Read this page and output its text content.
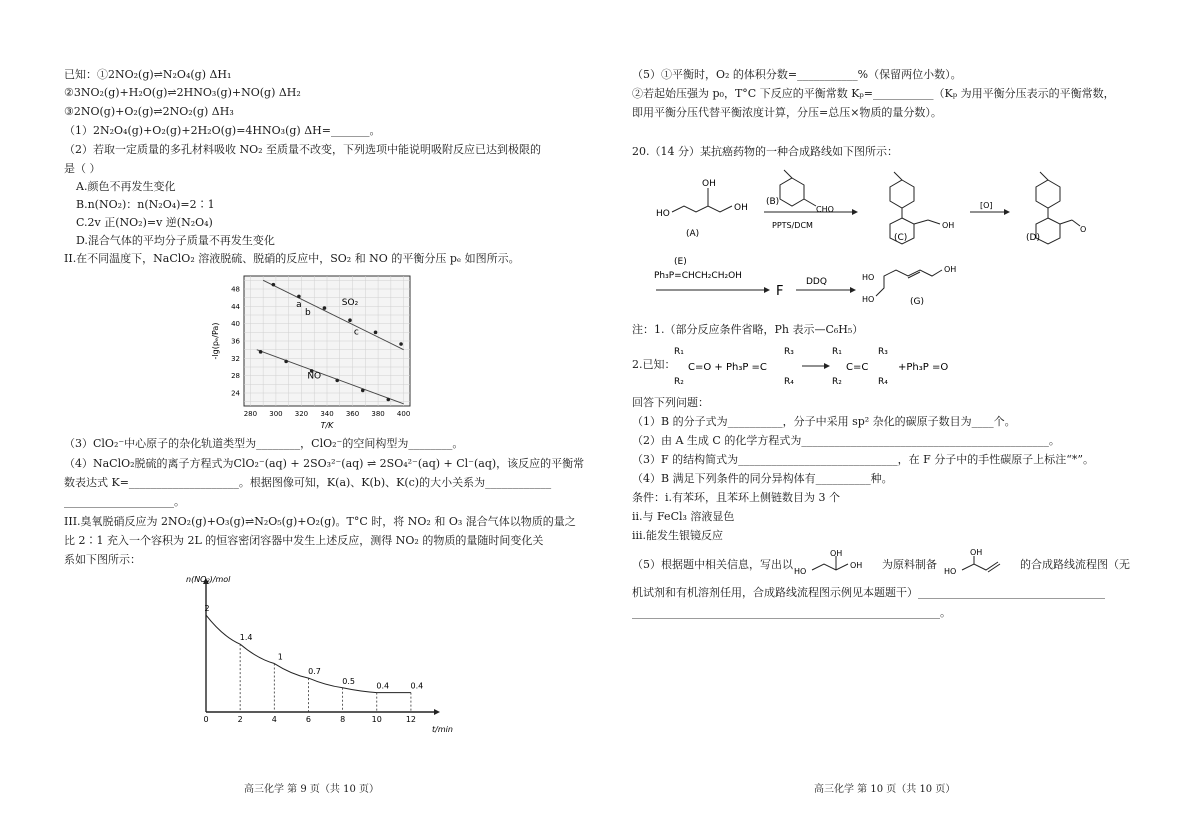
已知：①2NO₂(g)⇌N₂O₄(g) ΔH₁
②3NO₂(g)+H₂O(g)⇌2HNO₃(g)+NO(g) ΔH₂
③2NO(g)+O₂(g)⇌2NO₂(g) ΔH₃
（1）2N₂O₄(g)+O₂(g)+2H₂O(g)=4HNO₃(g) ΔH=_______。
（2）若取一定质量的多孔材料吸收 NO₂ 至质量不改变，下列选项中能说明吸附反应已达到极限的
是（ ）
A.颜色不再发生变化
B.n(NO₂)：n(N₂O₄)=2∶1
C.2v 正(NO₂)=v 逆(N₂O₄)
D.混合气体的平均分子质量不再发生变化
II.在不同温度下，NaClO₂ 溶液脱硫、脱硝的反应中，SO₂ 和 NO 的平衡分压 pₑ 如图所示。
280 300 320 340 360 380 400
24
28
32
36
40
44
48
T/K
-lg(pₑ/Pa)
a
b
c
SO₂
NO
（3）ClO₂⁻中心原子的杂化轨道类型为________，ClO₂⁻的空间构型为________。
（4）NaClO₂脱硫的离子方程式为ClO₂⁻(aq) + 2SO₃²⁻(aq) ⇌ 2SO₄²⁻(aq) + Cl⁻(aq)，该反应的平衡常
数表达式 K=____________________。根据图像可知，K(a)、K(b)、K(c)的大小关系为____________
____________________。
III.臭氧脱硝反应为 2NO₂(g)+O₃(g)⇌N₂O₅(g)+O₂(g)。T°C 时，将 NO₂ 和 O₃ 混合气体以物质的量之
比 2∶1 充入一个容积为 2L 的恒容密闭容器中发生上述反应，测得 NO₂ 的物质的量随时间变化关
系如下图所示：
n(NO₂)/mol
t/min
0	2	4	6	8	10	12
2
1.4
1
0.7
0.5
0.4	0.4
高三化学 第 9 页（共 10 页）
（5）①平衡时，O₂ 的体积分数=___________%（保留两位小数）。
②若起始压强为 p₀，T°C 下反应的平衡常数 Kₚ=___________（Kₚ 为用平衡分压表示的平衡常数，
即用平衡分压代替平衡浓度计算，分压=总压×物质的量分数）。
20.（14 分）某抗癌药物的一种合成路线如下图所示：
HO
OH
OH
(A)
CHO
(B)
PPTS/DCM	OH
(C)
[O]
O
(D)
(E)
Ph₃P=CHCH₂CH₂OH
F
DDQ	HO
HO
OH
(G)
注：1.（部分反应条件省略，Ph 表示—C₆H₅）
2.已知：
R₁
R₂
C=O + Ph₃P =C
R₃
R₄
R₁
R₂
C=C
R₃
R₄
+Ph₃P =O
回答下列问题：
（1）B 的分子式为__________，分子中采用 sp² 杂化的碳原子数目为____个。
（2）由 A 生成 C 的化学方程式为_____________________________________________。
（3）F 的结构简式为_____________________________，在 F 分子中的手性碳原子上标注“*”。
（4）B 满足下列条件的同分异构体有__________种。
条件：i.有苯环，且苯环上侧链数目为 3 个
ii.与 FeCl₃ 溶液显色
iii.能发生银镜反应
（5）根据题中相关信息，写出以
HO
OH
OH 为原料制备
HO
OH
的合成路线流程图（无
机试剂和有机溶剂任用，合成路线流程图示例见本题题干）__________________________________
________________________________________________________。
高三化学 第 10 页（共 10 页）
